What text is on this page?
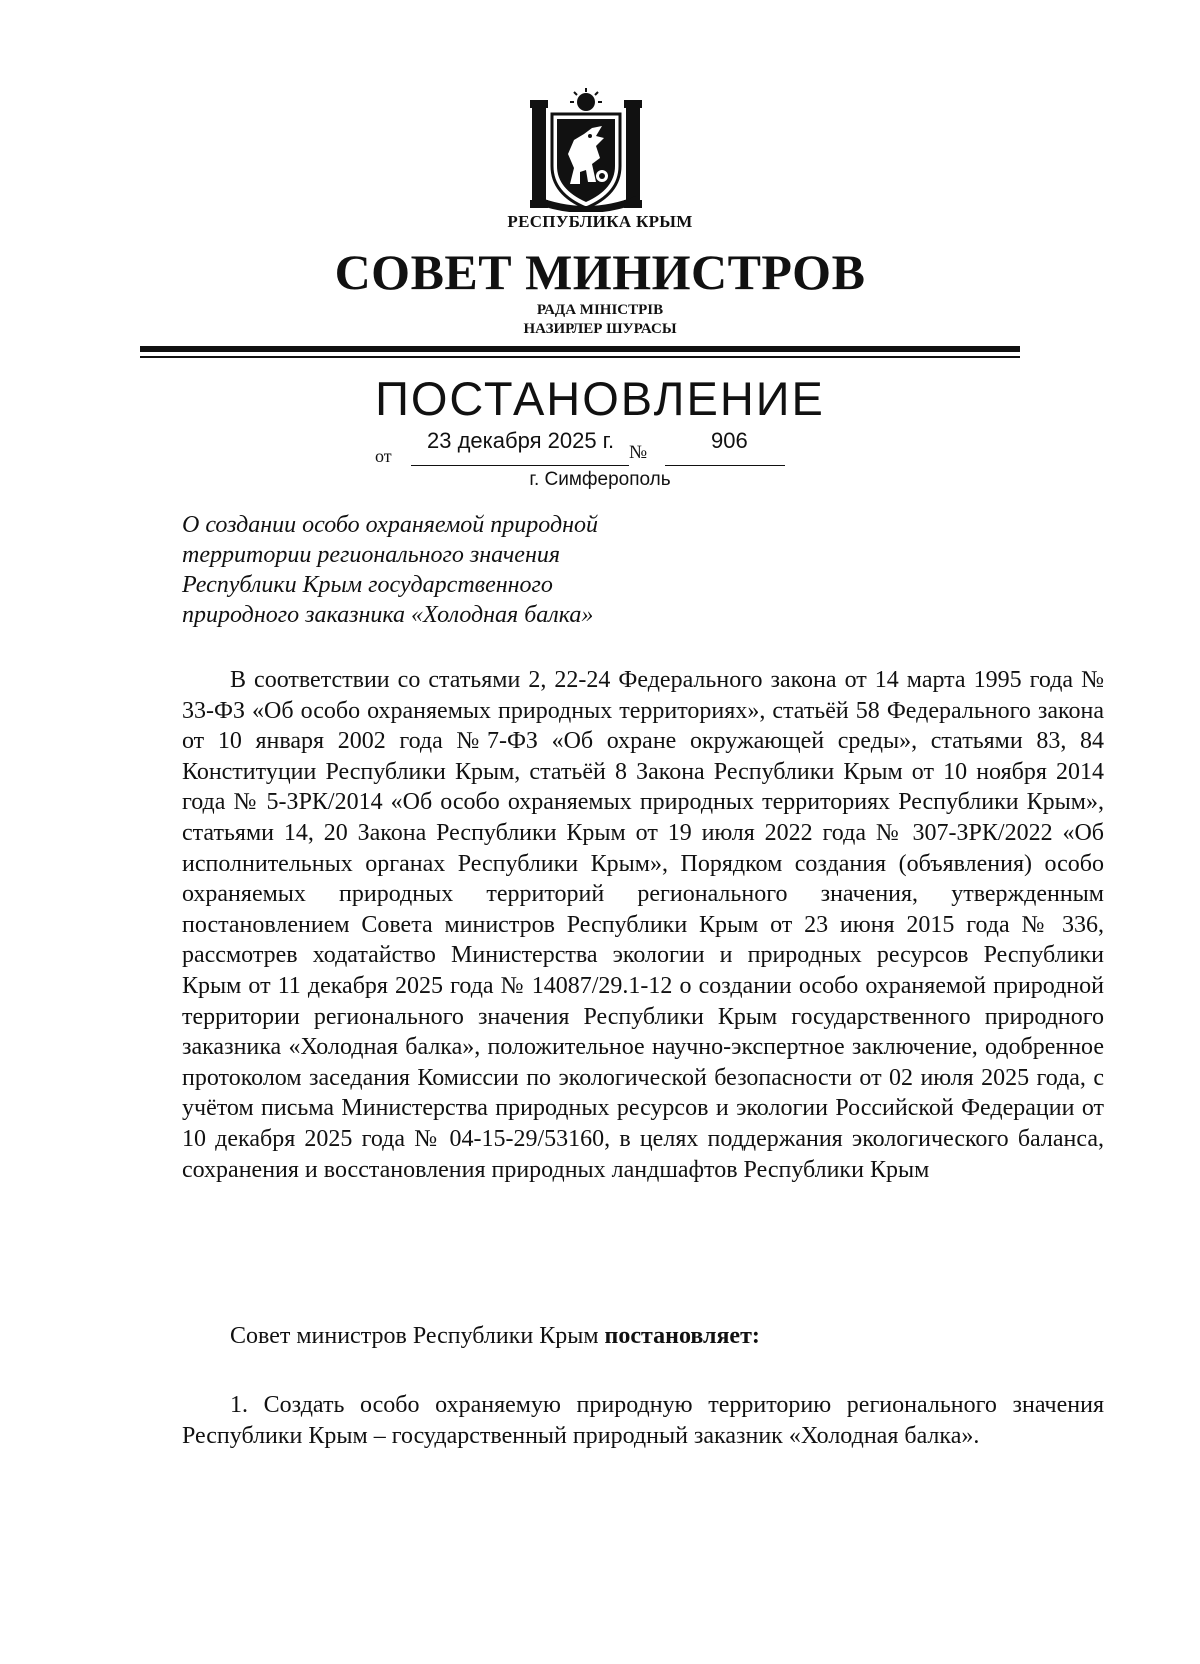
РЕСПУБЛИКА КРЫМ
СОВЕТ МИНИСТРОВ
РАДА МІНІСТРІВ
НАЗИРЛЕР ШУРАСЫ
ПОСТАНОВЛЕНИЕ
от
23 декабря 2025 г. №	906
г. Симферополь
О создании особо охраняемой природной
территории регионального значения
Республики Крым государственного
природного заказника «Холодная балка»

В соответствии со статьями 2, 22-24 Федерального закона от 14 марта 1995 года № 33-ФЗ «Об особо охраняемых природных территориях», статьёй 58 Федерального закона от 10 января 2002 года №7-ФЗ «Об охране окружающей среды», статьями 83, 84 Конституции Республики Крым, статьёй 8 Закона Республики Крым от 10 ноября 2014 года № 5-ЗРК/2014 «Об особо охраняемых природных территориях Республики Крым», статьями 14, 20 Закона Республики Крым от 19 июля 2022 года № 307-ЗРК/2022 «Об исполнительных органах Республики Крым», Порядком создания (объявления) особо охраняемых природных территорий регионального значения, утвержденным постановлением Совета министров Республики Крым от 23 июня 2015 года № 336, рассмотрев ходатайство Министерства экологии и природных ресурсов Республики Крым от 11 декабря 2025 года № 14087/29.1-12 о создании особо охраняемой природной территории регионального значения Республики Крым государственного природного заказника «Холодная балка», положительное научно-экспертное заключение, одобренное протоколом заседания Комиссии по экологической безопасности от 02 июля 2025 года, с учётом письма Министерства природных ресурсов и экологии Российской Федерации от 10 декабря 2025 года № 04-15-29/53160, в целях поддержания экологического баланса, сохранения и восстановления природных ландшафтов Республики Крым

Совет министров Республики Крым постановляет:

1. Создать особо охраняемую природную территорию регионального значения Республики Крым – государственный природный заказник «Холодная балка».
